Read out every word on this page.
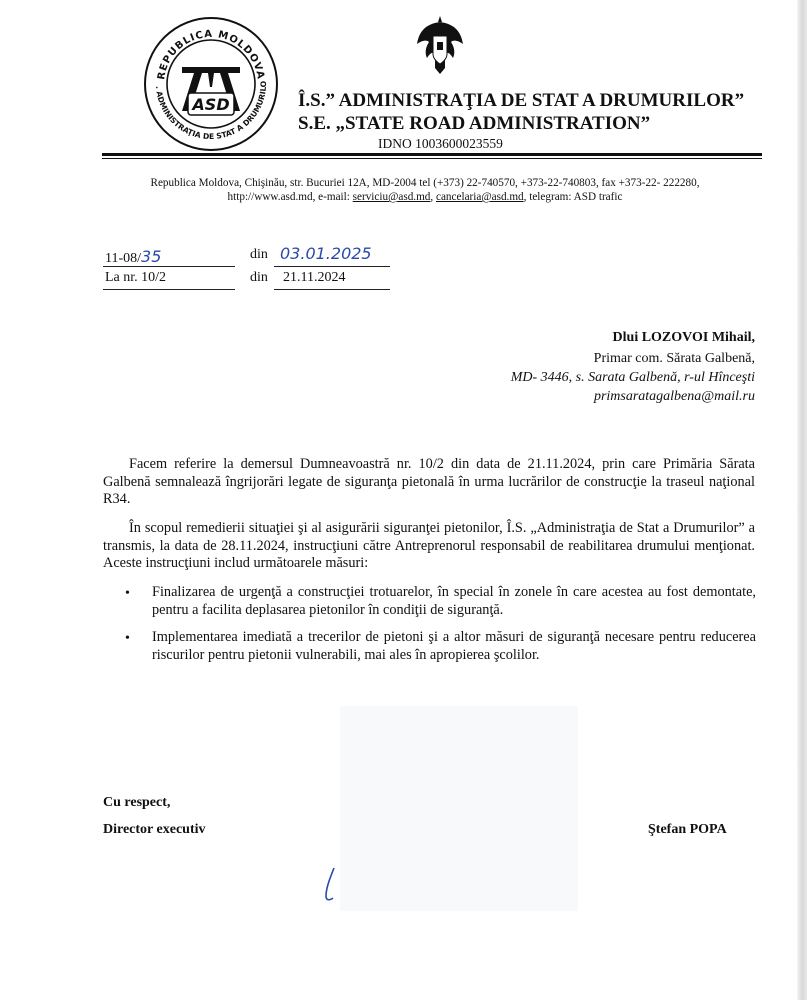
REPUBLICA MOLDOVA
. ADMINISTRAŢIA DE STAT A DRUMURILO
ASD	Î.S.” ADMINISTRAŢIA DE STAT A DRUMURILOR”
S.E. „STATE ROAD ADMINISTRATION”
IDNO 1003600023559
Republica Moldova, Chişinău, str. Bucuriei 12A, MD-2004 tel (+373) 22-740570, +373-22-740803, fax +373-22- 222280,
http://www.asd.md, e-mail: serviciu@asd.md, cancelaria@asd.md, telegram: ASD trafic
11-08/35	din 03.01.2025
La nr. 10/2	din 21.11.2024
Dlui LOZOVOI Mihail,
Primar com. Sărata Galbenă,
MD- 3446, s. Sarata Galbenă, r-ul Hînceşti
primsaratagalbena@mail.ru
Facem referire la demersul Dumneavoastră nr. 10/2 din data de 21.11.2024, prin care Primăria Sărata Galbenă semnalează îngrijorări legate de siguranţa pietonală în urma lucrărilor de construcţie la traseul naţional R34.
În scopul remedierii situaţiei şi al asigurării siguranţei pietonilor, Î.S. „Administraţia de Stat a Drumurilor” a transmis, la data de 28.11.2024, instrucţiuni către Antreprenorul responsabil de reabilitarea drumului menţionat. Aceste instrucţiuni includ următoarele măsuri:
• Finalizarea de urgenţă a construcţiei trotuarelor, în special în zonele în care acestea au fost demontate, pentru a facilita deplasarea pietonilor în condiţii de siguranţă.
• Implementarea imediată a trecerilor de pietoni şi a altor măsuri de siguranţă necesare pentru reducerea riscurilor pentru pietonii vulnerabili, mai ales în apropierea şcolilor.
Cu respect,
Director executiv	Ştefan POPA
